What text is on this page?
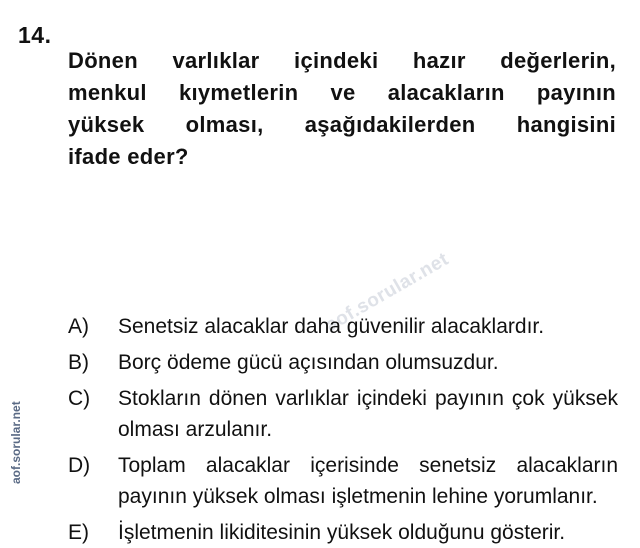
aof.sorular.net
aof.sorular.net
14.
Dönen varlıklar içindeki hazır değerlerin,
menkul kıymetlerin ve alacakların payının
yüksek olması, aşağıdakilerden hangisini
ifade eder?
A)	Senetsiz alacaklar daha güvenilir alacaklardır.
B)	Borç ödeme gücü açısından olumsuzdur.
C)	Stokların dönen varlıklar içindeki payının çok yüksek olması arzulanır.
D)	Toplam alacaklar içerisinde senetsiz alacakların payının yüksek olması işletmenin lehine yorumlanır.
E)	İşletmenin likiditesinin yüksek olduğunu gösterir.
